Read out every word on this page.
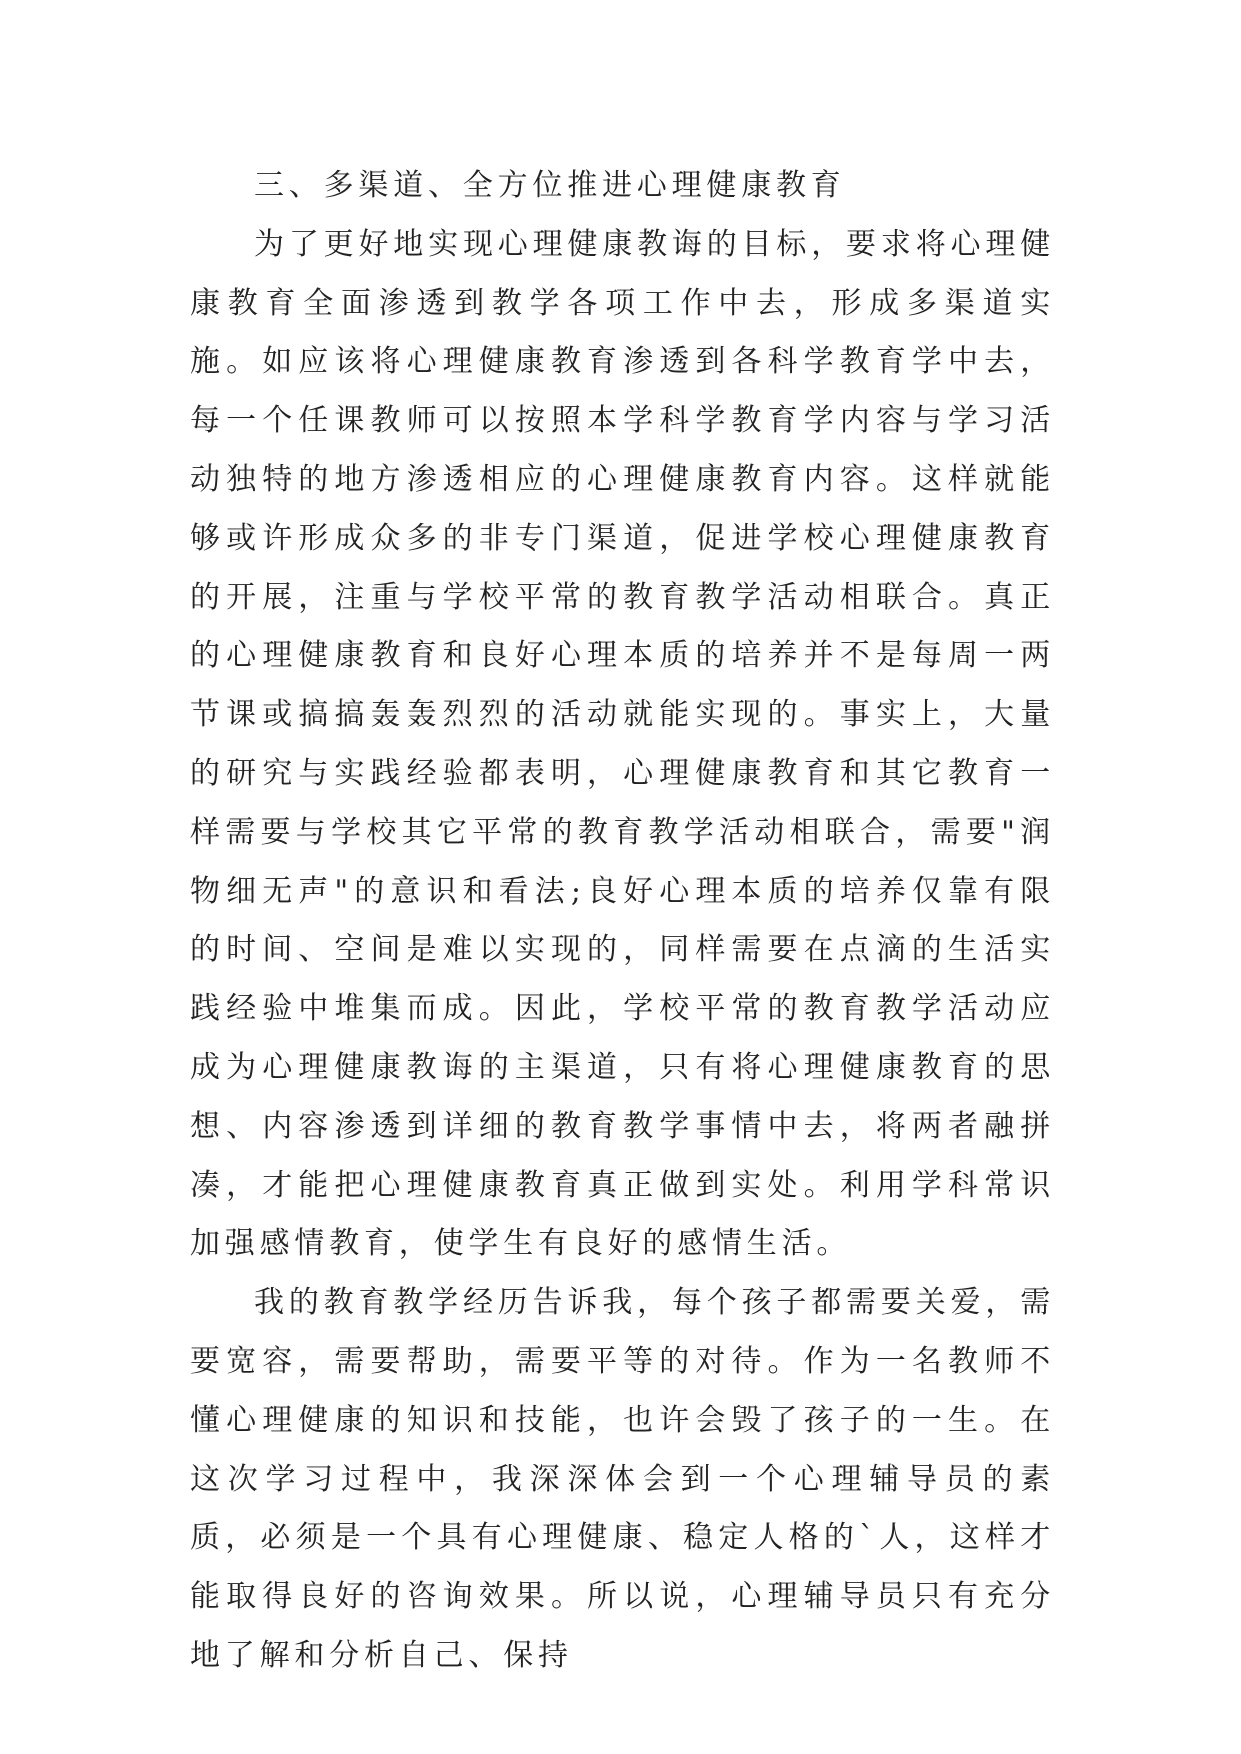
三、多渠道、全方位推进心理健康教育

为了更好地实现心理健康教诲的目标，要求将心理健康教育全面渗透到教学各项工作中去，形成多渠道实施。如应该将心理健康教育渗透到各科学教育学中去，每一个任课教师可以按照本学科学教育学内容与学习活动独特的地方渗透相应的心理健康教育内容。这样就能够或许形成众多的非专门渠道，促进学校心理健康教育的开展，注重与学校平常的教育教学活动相联合。真正的心理健康教育和良好心理本质的培养并不是每周一两节课或搞搞轰轰烈烈的活动就能实现的。事实上，大量的研究与实践经验都表明，心理健康教育和其它教育一样需要与学校其它平常的教育教学活动相联合，需要"润物细无声"的意识和看法;良好心理本质的培养仅靠有限的时间、空间是难以实现的，同样需要在点滴的生活实践经验中堆集而成。因此，学校平常的教育教学活动应成为心理健康教诲的主渠道，只有将心理健康教育的思想、内容渗透到详细的教育教学事情中去，将两者融拼凑，才能把心理健康教育真正做到实处。利用学科常识加强感情教育，使学生有良好的感情生活。

我的教育教学经历告诉我，每个孩子都需要关爱，需要宽容，需要帮助，需要平等的对待。作为一名教师不懂心理健康的知识和技能，也许会毁了孩子的一生。在这次学习过程中，我深深体会到一个心理辅导员的素质，必须是一个具有心理健康、稳定人格的`人，这样才能取得良好的咨询效果。所以说，心理辅导员只有充分地了解和分析自己、保持
